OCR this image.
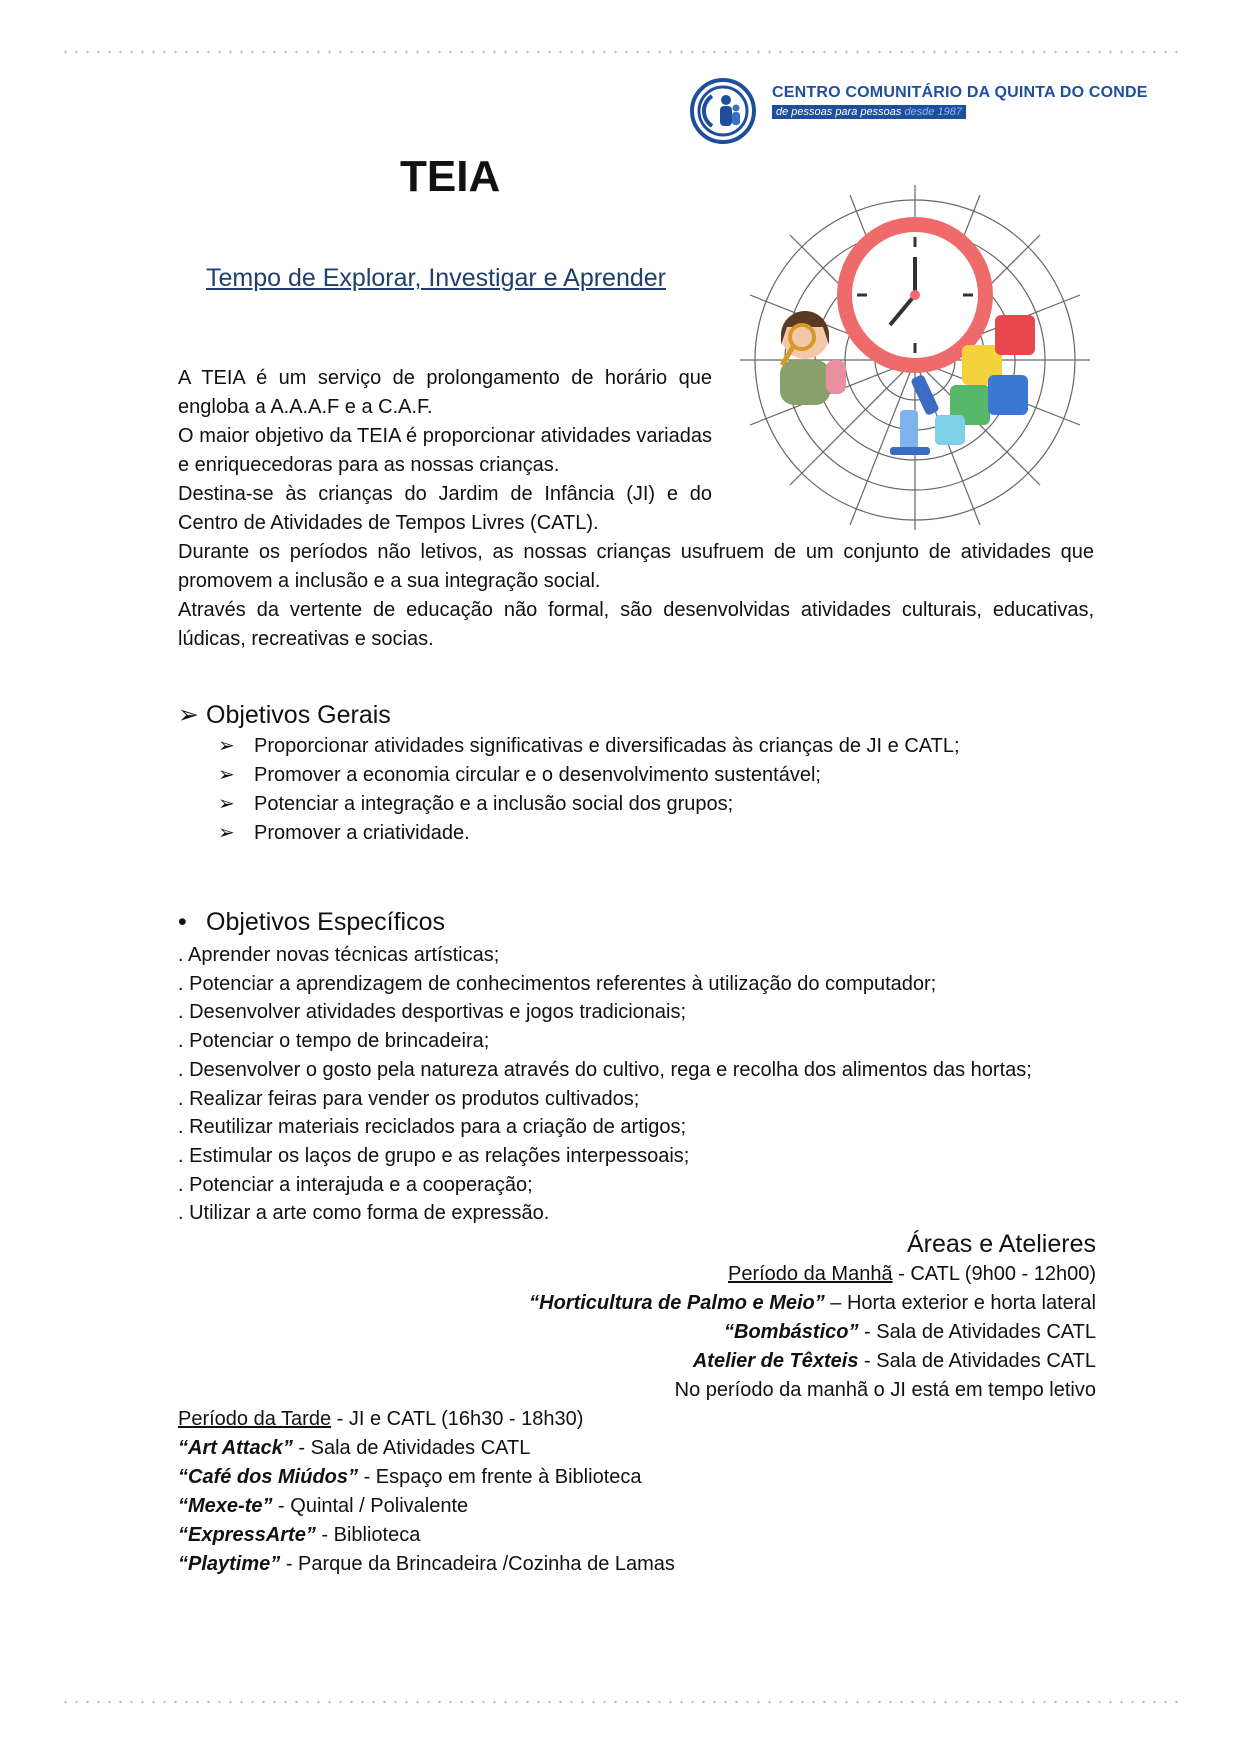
CENTRO COMUNITÁRIO DA QUINTA DO CONDE
de pessoas para pessoas desde 1987
TEIA
Tempo de Explorar, Investigar e Aprender

A TEIA é um serviço de prolongamento de horário que engloba a A.A.A.F e a C.A.F.

O maior objetivo da TEIA é proporcionar atividades variadas e enriquecedoras para as nossas crianças.

Destina-se às crianças do Jardim de Infância (JI) e do Centro de Atividades de Tempos Livres (CATL).

Durante os períodos não letivos, as nossas crianças usufruem de um conjunto de atividades que promovem a inclusão e a sua integração social.

Através da vertente de educação não formal, são desenvolvidas atividades culturais, educativas, lúdicas, recreativas e socias.

➢ Objetivos Gerais
➢ Proporcionar atividades significativas e diversificadas às crianças de JI e CATL;
➢ Promover a economia circular e o desenvolvimento sustentável;
➢ Potenciar a integração e a inclusão social dos grupos;
➢ Promover a criatividade.
• Objetivos Específicos
. Aprender novas técnicas artísticas;
. Potenciar a aprendizagem de conhecimentos referentes à utilização do computador;
. Desenvolver atividades desportivas e jogos tradicionais;
. Potenciar o tempo de brincadeira;
. Desenvolver o gosto pela natureza através do cultivo, rega e recolha dos alimentos das hortas;
. Realizar feiras para vender os produtos cultivados;
. Reutilizar materiais reciclados para a criação de artigos;
. Estimular os laços de grupo e as relações interpessoais;
. Potenciar a interajuda e a cooperação;
. Utilizar a arte como forma de expressão.
Áreas e Atelieres
Período da Manhã - CATL (9h00 - 12h00)
“Horticultura de Palmo e Meio” – Horta exterior e horta lateral
“Bombástico” - Sala de Atividades CATL
Atelier de Têxteis - Sala de Atividades CATL
No período da manhã o JI está em tempo letivo
Período da Tarde - JI e CATL (16h30 - 18h30)
“Art Attack” - Sala de Atividades CATL
“Café dos Miúdos” - Espaço em frente à Biblioteca
“Mexe-te” - Quintal / Polivalente
“ExpressArte” - Biblioteca
“Playtime” - Parque da Brincadeira /Cozinha de Lamas
